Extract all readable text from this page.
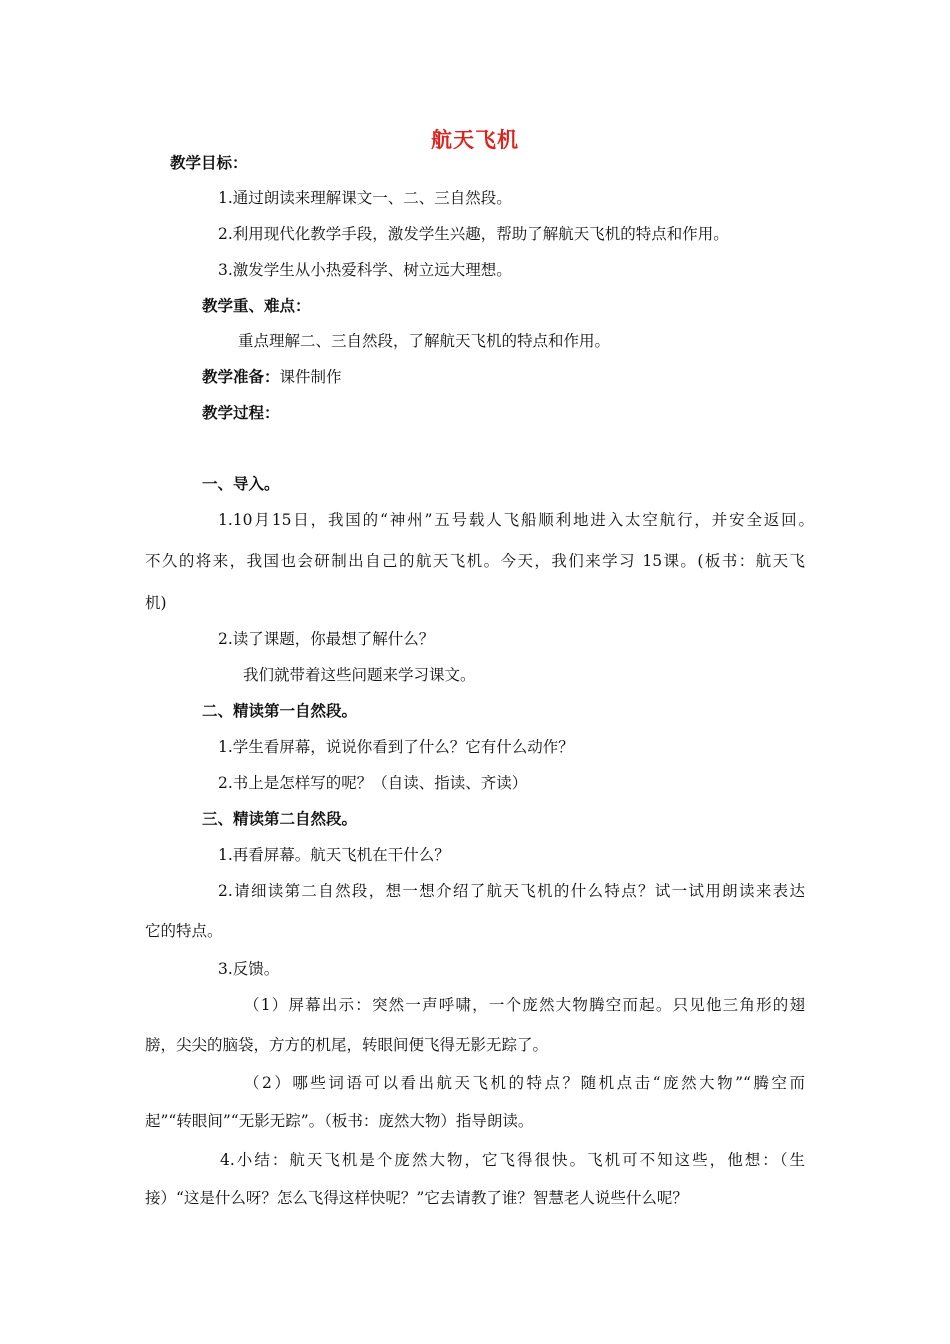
航天飞机
教学目标：
1.通过朗读来理解课文一、二、三自然段。
2.利用现代化教学手段，激发学生兴趣，帮助了解航天飞机的特点和作用。
3.激发学生从小热爱科学、树立远大理想。
教学重、难点：
重点理解二、三自然段，了解航天飞机的特点和作用。
教学准备：课件制作
教学过程：
一、导入。
1.10月15日，我国的“神州”五号载人飞船顺利地进入太空航行，并安全返回。
不久的将来，我国也会研制出自己的航天飞机。今天，我们来学习 15课。(板书：航天飞
机)
2.读了课题，你最想了解什么？
我们就带着这些问题来学习课文。
二、精读第一自然段。
1.学生看屏幕，说说你看到了什么？它有什么动作？
2.书上是怎样写的呢？（自读、指读、齐读）
三、精读第二自然段。
1.再看屏幕。航天飞机在干什么？
2.请细读第二自然段，想一想介绍了航天飞机的什么特点？试一试用朗读来表达
它的特点。
3.反馈。
（1）屏幕出示：突然一声呼啸，一个庞然大物腾空而起。只见他三角形的翅
膀，尖尖的脑袋，方方的机尾，转眼间便飞得无影无踪了。
（2）哪些词语可以看出航天飞机的特点？随机点击“庞然大物”“腾空而
起”“转眼间”“无影无踪”。（板书：庞然大物）指导朗读。
4.小结：航天飞机是个庞然大物，它飞得很快。飞机可不知这些，他想：（生
接）“这是什么呀？怎么飞得这样快呢？”它去请教了谁？智慧老人说些什么呢？
